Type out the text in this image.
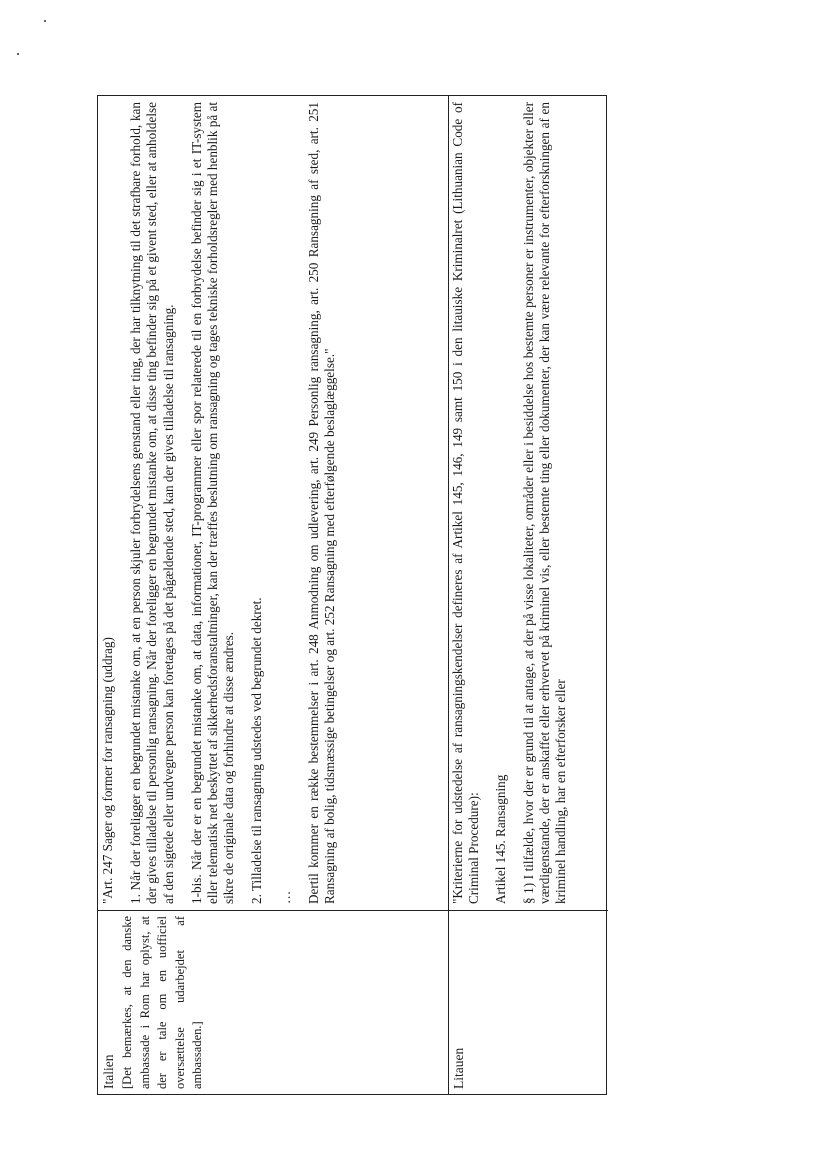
Italien [Det bemærkes, at den danske ambassade i Rom har oplyst, at der er tale om en uofficiel oversættelse udarbejdet af ambassaden.]

"Art. 247 Sager og former for ransagning (uddrag) 1. Når der foreligger en begrundet mistanke om, at en person skjuler forbrydelsens genstand eller ting, der har tilknytning til det strafbare forhold, kan der gives tilladelse til personlig ransagning. Når der foreligger en begrundet mistanke om, at disse ting befinder sig på et givent sted, eller at anholdelse af den sigtede eller undvegne person kan foretages på det pågældende sted, kan der gives tilladelse til ransagning. 1-bis. Når der er en begrundet mistanke om, at data, informationer, IT-programmer eller spor relaterede til en forbrydelse befinder sig i et IT-system eller telematisk net beskyttet af sikkerhedsforanstaltninger, kan der træffes beslutning om ransagning og tages tekniske forholdsregler med henblik på at sikre de originale data og forhindre at disse ændres. 2. Tilladelse til ransagning udstedes ved begrundet dekret. … Dertil kommer en række bestemmelser i art. 248 Anmodning om udlevering, art. 249 Personlig ransagning, art. 250 Ransagning af sted, art. 251 Ransagning af bolig, tidsmæssige betingelser og art. 252 Ransagning med efterfølgende beslaglæggelse."

Litauen

"Kriterierne for udstedelse af ransagningskendelser defineres af Artikel 145, 146, 149 samt 150 i den litauiske Kriminalret (Lithuanian Code of Criminal Procedure): Artikel 145. Ransagning § 1) I tilfælde, hvor der er grund til at antage, at der på visse lokaliteter, områder eller i besiddelse hos bestemte personer er instrumenter, objekter eller værdigenstande, der er anskaffet eller erhvervet på kriminel vis, eller bestemte ting eller dokumenter, der kan være relevante for efterforskningen af en kriminel handling, har en efterforsker eller
